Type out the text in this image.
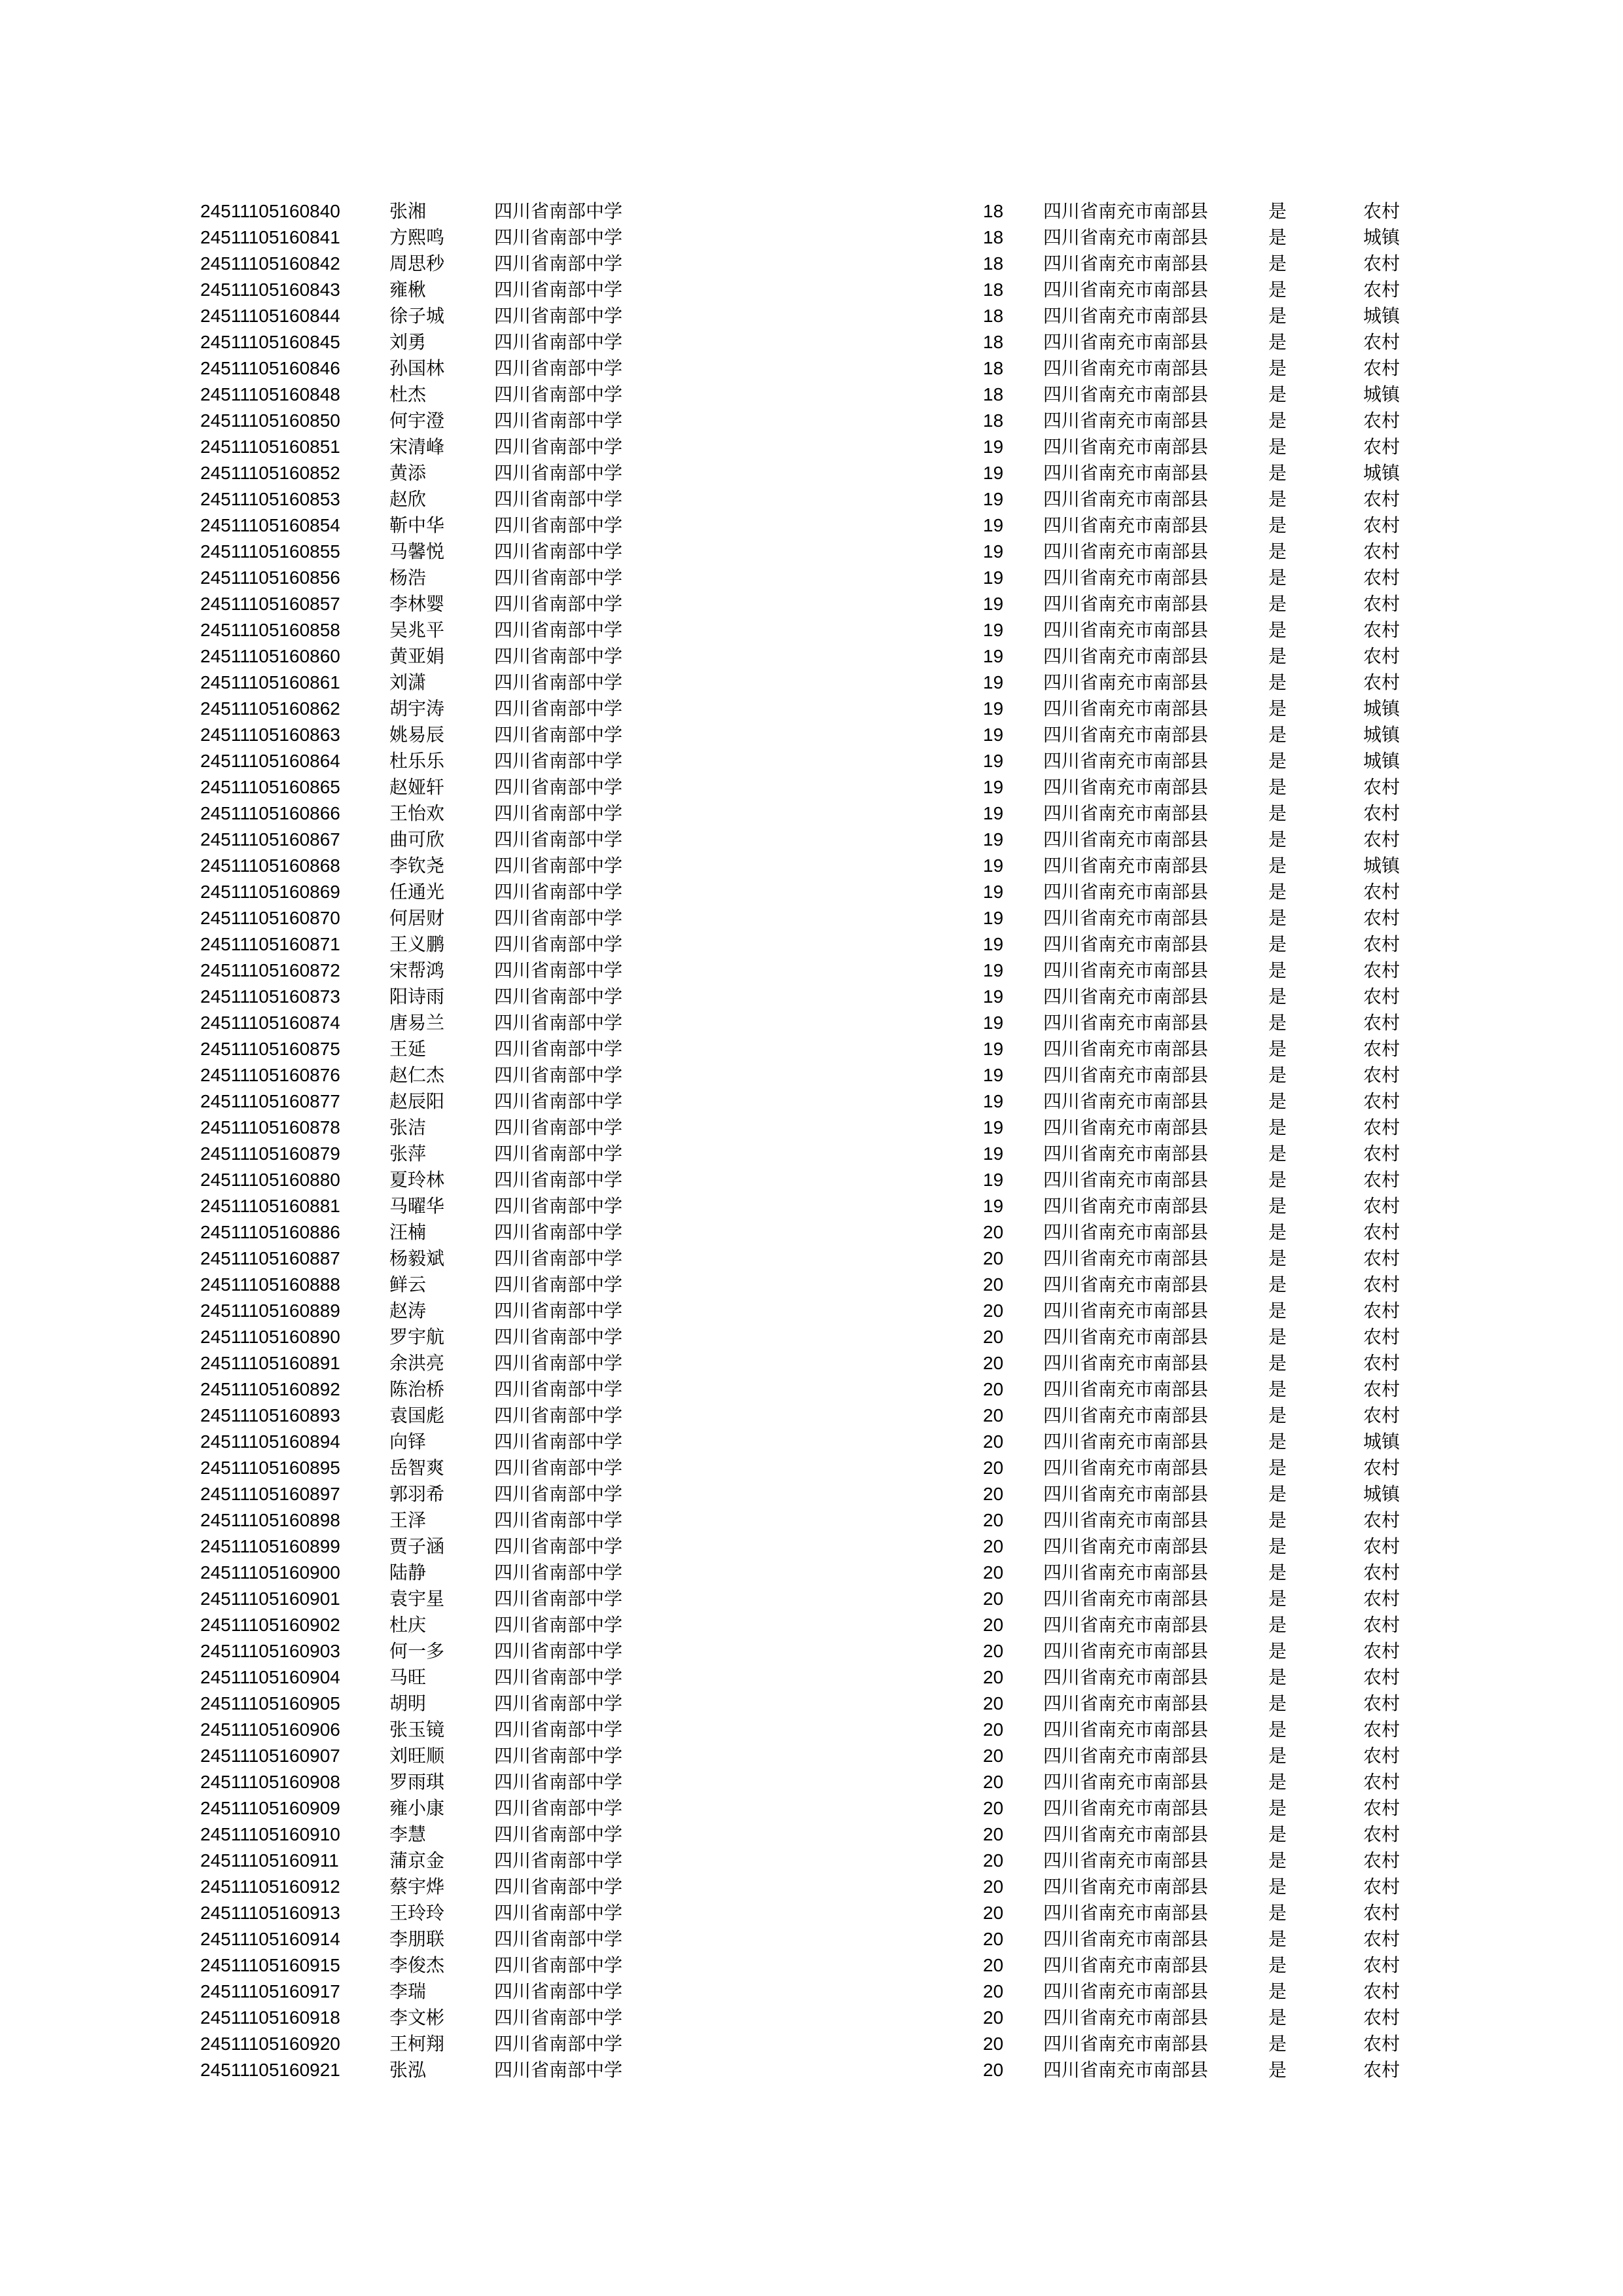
24511105160840	张湘	四川省南部中学	18 四川省南充市南部县	是	农村
24511105160841	方熙鸣	四川省南部中学	18 四川省南充市南部县	是	城镇
24511105160842	周思秒	四川省南部中学	18 四川省南充市南部县	是	农村
24511105160843	雍楸	四川省南部中学	18 四川省南充市南部县	是	农村
24511105160844	徐子城	四川省南部中学	18 四川省南充市南部县	是	城镇
24511105160845	刘勇	四川省南部中学	18 四川省南充市南部县	是	农村
24511105160846	孙国林	四川省南部中学	18 四川省南充市南部县	是	农村
24511105160848	杜杰	四川省南部中学	18 四川省南充市南部县	是	城镇
24511105160850	何宇澄	四川省南部中学	18 四川省南充市南部县	是	农村
24511105160851	宋清峰	四川省南部中学	19 四川省南充市南部县	是	农村
24511105160852	黄添	四川省南部中学	19 四川省南充市南部县	是	城镇
24511105160853	赵欣	四川省南部中学	19 四川省南充市南部县	是	农村
24511105160854	靳中华	四川省南部中学	19 四川省南充市南部县	是	农村
24511105160855	马馨悦	四川省南部中学	19 四川省南充市南部县	是	农村
24511105160856	杨浩	四川省南部中学	19 四川省南充市南部县	是	农村
24511105160857	李林婴	四川省南部中学	19 四川省南充市南部县	是	农村
24511105160858	吴兆平	四川省南部中学	19 四川省南充市南部县	是	农村
24511105160860	黄亚娟	四川省南部中学	19 四川省南充市南部县	是	农村
24511105160861	刘潇	四川省南部中学	19 四川省南充市南部县	是	农村
24511105160862	胡宇涛	四川省南部中学	19 四川省南充市南部县	是	城镇
24511105160863	姚易辰	四川省南部中学	19 四川省南充市南部县	是	城镇
24511105160864	杜乐乐	四川省南部中学	19 四川省南充市南部县	是	城镇
24511105160865	赵娅轩	四川省南部中学	19 四川省南充市南部县	是	农村
24511105160866	王怡欢	四川省南部中学	19 四川省南充市南部县	是	农村
24511105160867	曲可欣	四川省南部中学	19 四川省南充市南部县	是	农村
24511105160868	李钦尧	四川省南部中学	19 四川省南充市南部县	是	城镇
24511105160869	任通光	四川省南部中学	19 四川省南充市南部县	是	农村
24511105160870	何居财	四川省南部中学	19 四川省南充市南部县	是	农村
24511105160871	王义鹏	四川省南部中学	19 四川省南充市南部县	是	农村
24511105160872	宋帮鸿	四川省南部中学	19 四川省南充市南部县	是	农村
24511105160873	阳诗雨	四川省南部中学	19 四川省南充市南部县	是	农村
24511105160874	唐易兰	四川省南部中学	19 四川省南充市南部县	是	农村
24511105160875	王延	四川省南部中学	19 四川省南充市南部县	是	农村
24511105160876	赵仁杰	四川省南部中学	19 四川省南充市南部县	是	农村
24511105160877	赵辰阳	四川省南部中学	19 四川省南充市南部县	是	农村
24511105160878	张洁	四川省南部中学	19 四川省南充市南部县	是	农村
24511105160879	张萍	四川省南部中学	19 四川省南充市南部县	是	农村
24511105160880	夏玲林	四川省南部中学	19 四川省南充市南部县	是	农村
24511105160881	马曜华	四川省南部中学	19 四川省南充市南部县	是	农村
24511105160886	汪楠	四川省南部中学	20 四川省南充市南部县	是	农村
24511105160887	杨毅斌	四川省南部中学	20 四川省南充市南部县	是	农村
24511105160888	鲜云	四川省南部中学	20 四川省南充市南部县	是	农村
24511105160889	赵涛	四川省南部中学	20 四川省南充市南部县	是	农村
24511105160890	罗宇航	四川省南部中学	20 四川省南充市南部县	是	农村
24511105160891	余洪亮	四川省南部中学	20 四川省南充市南部县	是	农村
24511105160892	陈治桥	四川省南部中学	20 四川省南充市南部县	是	农村
24511105160893	袁国彪	四川省南部中学	20 四川省南充市南部县	是	农村
24511105160894	向铎	四川省南部中学	20 四川省南充市南部县	是	城镇
24511105160895	岳智爽	四川省南部中学	20 四川省南充市南部县	是	农村
24511105160897	郭羽希	四川省南部中学	20 四川省南充市南部县	是	城镇
24511105160898	王泽	四川省南部中学	20 四川省南充市南部县	是	农村
24511105160899	贾子涵	四川省南部中学	20 四川省南充市南部县	是	农村
24511105160900	陆静	四川省南部中学	20 四川省南充市南部县	是	农村
24511105160901	袁宇星	四川省南部中学	20 四川省南充市南部县	是	农村
24511105160902	杜庆	四川省南部中学	20 四川省南充市南部县	是	农村
24511105160903	何一多	四川省南部中学	20 四川省南充市南部县	是	农村
24511105160904	马旺	四川省南部中学	20 四川省南充市南部县	是	农村
24511105160905	胡明	四川省南部中学	20 四川省南充市南部县	是	农村
24511105160906	张玉镜	四川省南部中学	20 四川省南充市南部县	是	农村
24511105160907	刘旺顺	四川省南部中学	20 四川省南充市南部县	是	农村
24511105160908	罗雨琪	四川省南部中学	20 四川省南充市南部县	是	农村
24511105160909	雍小康	四川省南部中学	20 四川省南充市南部县	是	农村
24511105160910	李慧	四川省南部中学	20 四川省南充市南部县	是	农村
24511105160911	蒲京金	四川省南部中学	20 四川省南充市南部县	是	农村
24511105160912	蔡宇烨	四川省南部中学	20 四川省南充市南部县	是	农村
24511105160913	王玲玲	四川省南部中学	20 四川省南充市南部县	是	农村
24511105160914	李朋联	四川省南部中学	20 四川省南充市南部县	是	农村
24511105160915	李俊杰	四川省南部中学	20 四川省南充市南部县	是	农村
24511105160917	李瑞	四川省南部中学	20 四川省南充市南部县	是	农村
24511105160918	李文彬	四川省南部中学	20 四川省南充市南部县	是	农村
24511105160920	王柯翔	四川省南部中学	20 四川省南充市南部县	是	农村
24511105160921	张泓	四川省南部中学	20 四川省南充市南部县	是	农村
